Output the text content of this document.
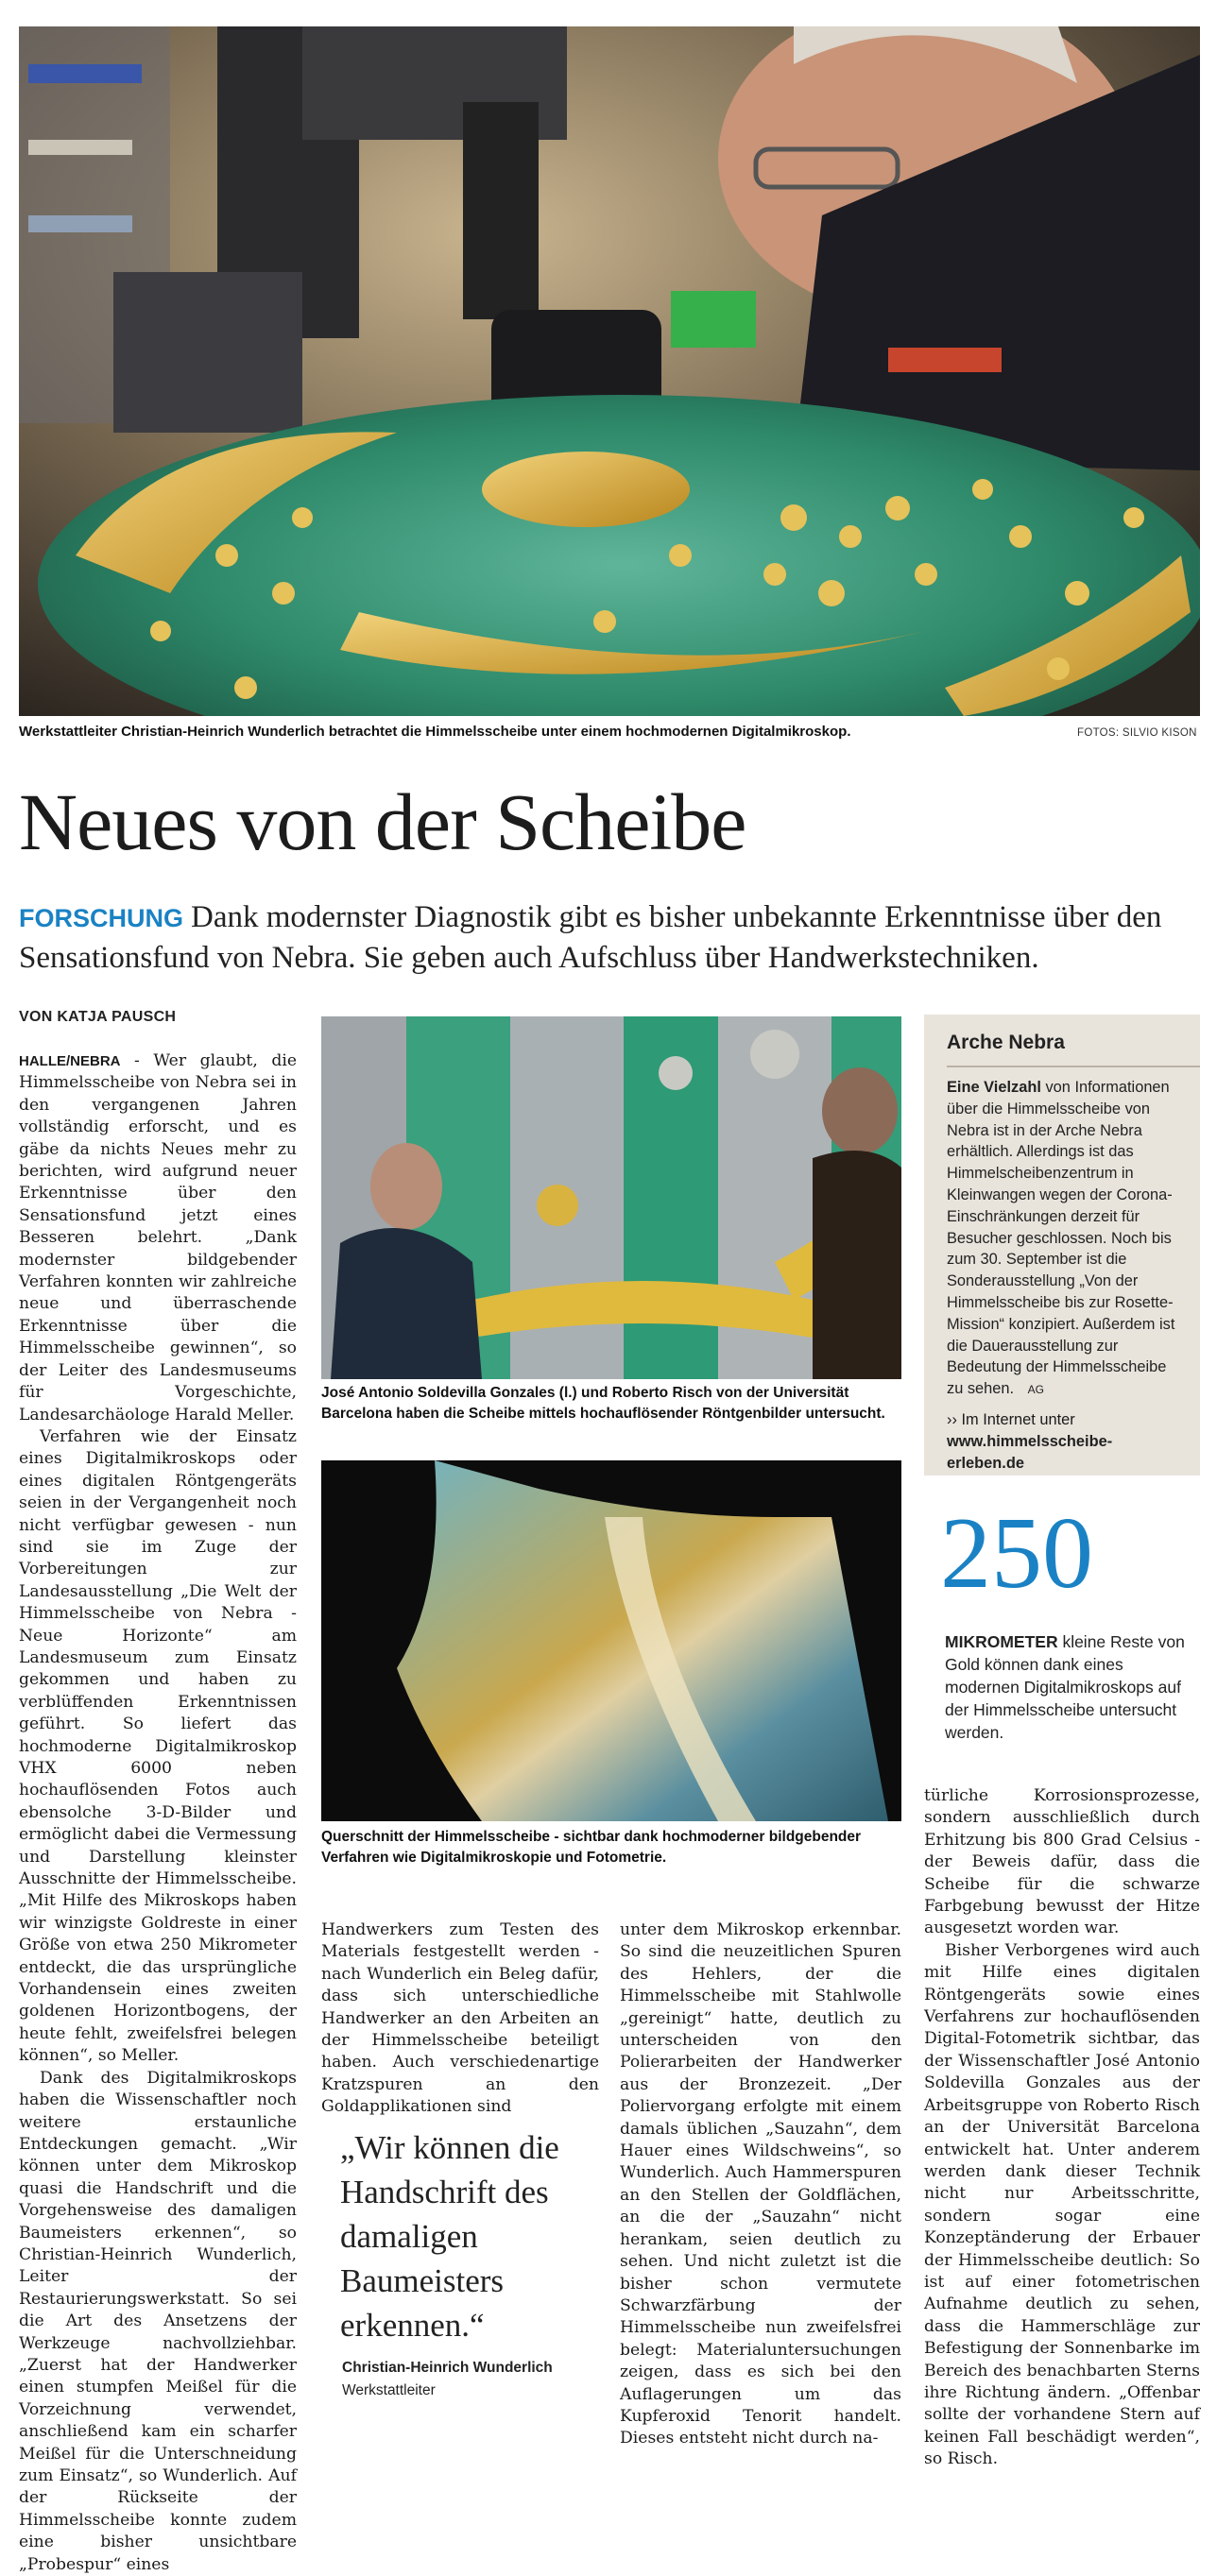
Werkstattleiter Christian-Heinrich Wunderlich betrachtet die Himmelsscheibe unter einem hochmodernen Digitalmikroskop.	FOTOS: SILVIO KISON
Neues von der Scheibe
FORSCHUNG Dank modernster Diagnostik gibt es bisher unbekannte Erkenntnisse über den Sensationsfund von Nebra. Sie geben auch Aufschluss über Handwerkstechniken.
VON KATJA PAUSCH

HALLE/NEBRA - Wer glaubt, die Himmelsscheibe von Nebra sei in den vergangenen Jahren vollständig erforscht, und es gäbe da nichts Neues mehr zu berichten, wird aufgrund neuer Erkenntnisse über den Sensationsfund jetzt eines Besseren belehrt. „Dank modernster bildgebender Verfahren konnten wir zahlreiche neue und überraschende Erkenntnisse über die Himmelsscheibe gewinnen“, so der Leiter des Landesmuseums für Vorgeschichte, Landesarchäologe Harald Meller.

Verfahren wie der Einsatz eines Digitalmikroskops oder eines digitalen Röntgengeräts seien in der Vergangenheit noch nicht verfügbar gewesen - nun sind sie im Zuge der Vorbereitungen zur Landesausstellung „Die Welt der Himmelsscheibe von Nebra - Neue Horizonte“ am Landesmuseum zum Einsatz gekommen und haben zu verblüffenden Erkenntnissen geführt. So liefert das hochmoderne Digitalmikroskop VHX 6000 neben hochauflösenden Fotos auch ebensolche 3-D-Bilder und ermöglicht dabei die Vermessung und Darstellung kleinster Ausschnitte der Himmelsscheibe. „Mit Hilfe des Mikroskops haben wir winzigste Goldreste in einer Größe von etwa 250 Mikrometer entdeckt, die das ursprüngliche Vorhandensein eines zweiten goldenen Horizontbogens, der heute fehlt, zweifelsfrei belegen können“, so Meller.

Dank des Digitalmikroskops haben die Wissenschaftler noch weitere erstaunliche Entdeckungen gemacht. „Wir können unter dem Mikroskop quasi die Handschrift und die Vorgehensweise des damaligen Baumeisters erkennen“, so Christian-Heinrich Wunderlich, Leiter der Restaurierungswerkstatt. So sei die Art des Ansetzens der Werkzeuge nachvollziehbar. „Zuerst hat der Handwerker einen stumpfen Meißel für die Vorzeichnung verwendet, anschließend kam ein scharfer Meißel für die Unterschneidung zum Einsatz“, so Wunderlich. Auf der Rückseite der Himmelsscheibe konnte zudem eine bisher unsichtbare „Probespur“ eines

José Antonio Soldevilla Gonzales (l.) und Roberto Risch von der Universität Barcelona haben die Scheibe mittels hochauflösender Röntgenbilder untersucht.
Querschnitt der Himmelsscheibe - sichtbar dank hochmoderner bildgebender Verfahren wie Digitalmikroskopie und Fotometrie.

Handwerkers zum Testen des Materials festgestellt werden - nach Wunderlich ein Beleg dafür, dass sich unterschiedliche Handwerker an den Arbeiten an der Himmelsscheibe beteiligt haben. Auch verschiedenartige Kratzspuren an den Goldapplikationen sind

„Wir können die Handschrift des damaligen Baumeisters erkennen.“
Christian-Heinrich Wunderlich
Werkstattleiter

unter dem Mikroskop erkennbar. So sind die neuzeitlichen Spuren des Hehlers, der die Himmelsscheibe mit Stahlwolle „gereinigt“ hatte, deutlich zu unterscheiden von den Polierarbeiten der Handwerker aus der Bronzezeit. „Der Poliervorgang erfolgte mit einem damals üblichen „Sauzahn“, dem Hauer eines Wildschweins“, so Wunderlich. Auch Hammerspuren an den Stellen der Goldflächen, an die der „Sauzahn“ nicht herankam, seien deutlich zu sehen. Und nicht zuletzt ist die bisher schon vermutete Schwarzfärbung der Himmelsscheibe nun zweifelsfrei belegt: Materialuntersuchungen zeigen, dass es sich bei den Auflagerungen um das Kupferoxid Tenorit handelt. Dieses entsteht nicht durch na-

Arche Nebra
Eine Vielzahl von Informationen über die Himmelsscheibe von Nebra ist in der Arche Nebra erhältlich. Allerdings ist das Himmelscheibenzentrum in Kleinwangen wegen der Corona-Einschränkungen derzeit für Besucher geschlossen. Noch bis zum 30. September ist die Sonderausstellung „Von der Himmelsscheibe bis zur Rosette-Mission“ konzipiert. Außerdem ist die Dauerausstellung zur Bedeutung der Himmelsscheibe zu sehen. AG
›› Im Internet unter www.himmelsscheibe-erleben.de
250
MIKROMETER kleine Reste von Gold können dank eines modernen Digitalmikroskops auf der Himmelsscheibe untersucht werden.

türliche Korrosionsprozesse, sondern ausschließlich durch Erhitzung bis 800 Grad Celsius - der Beweis dafür, dass die Scheibe für die schwarze Farbgebung bewusst der Hitze ausgesetzt worden war.

Bisher Verborgenes wird auch mit Hilfe eines digitalen Röntgengeräts sowie eines Verfahrens zur hochauflösenden Digital-Fotometrik sichtbar, das der Wissenschaftler José Antonio Soldevilla Gonzales aus der Arbeitsgruppe von Roberto Risch an der Universität Barcelona entwickelt hat. Unter anderem werden dank dieser Technik nicht nur Arbeitsschritte, sondern sogar eine Konzeptänderung der Erbauer der Himmelsscheibe deutlich: So ist auf einer fotometrischen Aufnahme deutlich zu sehen, dass die Hammerschläge zur Befestigung der Sonnenbarke im Bereich des benachbarten Sterns ihre Richtung ändern. „Offenbar sollte der vorhandene Stern auf keinen Fall beschädigt werden“, so Risch.
